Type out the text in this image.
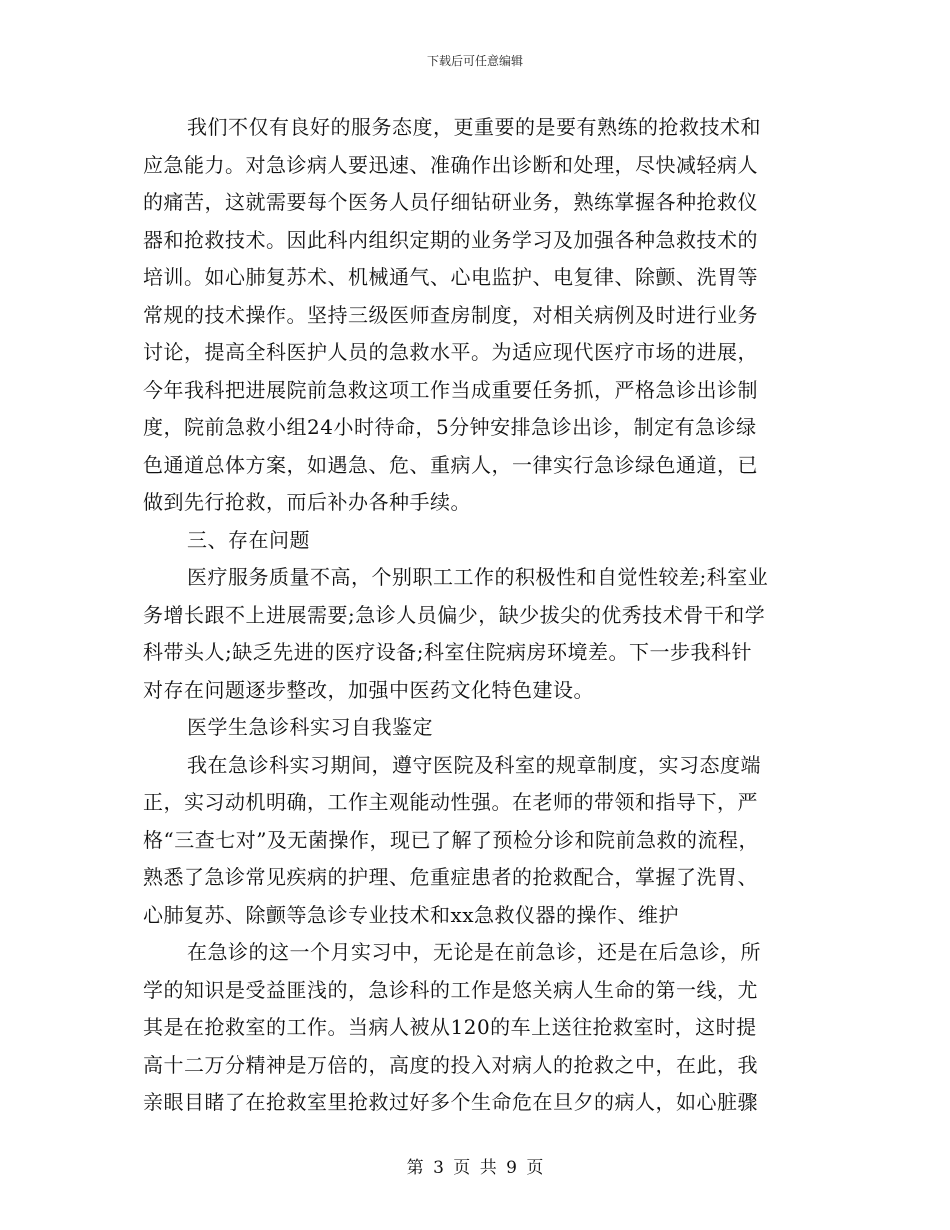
下载后可任意编辑
我们不仅有良好的服务态度，更重要的是要有熟练的抢救技术和
应急能力。对急诊病人要迅速、准确作出诊断和处理，尽快减轻病人
的痛苦，这就需要每个医务人员仔细钻研业务，熟练掌握各种抢救仪
器和抢救技术。因此科内组织定期的业务学习及加强各种急救技术的
培训。如心肺复苏术、机械通气、心电监护、电复律、除颤、洗胃等
常规的技术操作。坚持三级医师查房制度，对相关病例及时进行业务
讨论，提高全科医护人员的急救水平。为适应现代医疗市场的进展，
今年我科把进展院前急救这项工作当成重要任务抓，严格急诊出诊制
度，院前急救小组24小时待命，5分钟安排急诊出诊，制定有急诊绿
色通道总体方案，如遇急、危、重病人，一律实行急诊绿色通道，已
做到先行抢救，而后补办各种手续。
三、存在问题
医疗服务质量不高，个别职工工作的积极性和自觉性较差;科室业
务增长跟不上进展需要;急诊人员偏少，缺少拔尖的优秀技术骨干和学
科带头人;缺乏先进的医疗设备;科室住院病房环境差。下一步我科针
对存在问题逐步整改，加强中医药文化特色建设。
医学生急诊科实习自我鉴定
我在急诊科实习期间，遵守医院及科室的规章制度，实习态度端
正，实习动机明确，工作主观能动性强。在老师的带领和指导下，严
格“三查七对”及无菌操作，现已了解了预检分诊和院前急救的流程，
熟悉了急诊常见疾病的护理、危重症患者的抢救配合，掌握了洗胃、
心肺复苏、除颤等急诊专业技术和xx急救仪器的操作、维护
在急诊的这一个月实习中，无论是在前急诊，还是在后急诊，所
学的知识是受益匪浅的，急诊科的工作是悠关病人生命的第一线，尤
其是在抢救室的工作。当病人被从120的车上送往抢救室时，这时提
高十二万分精神是万倍的，高度的投入对病人的抢救之中，在此，我
亲眼目睹了在抢救室里抢救过好多个生命危在旦夕的病人，如心脏骤
第 3 页 共 9 页
